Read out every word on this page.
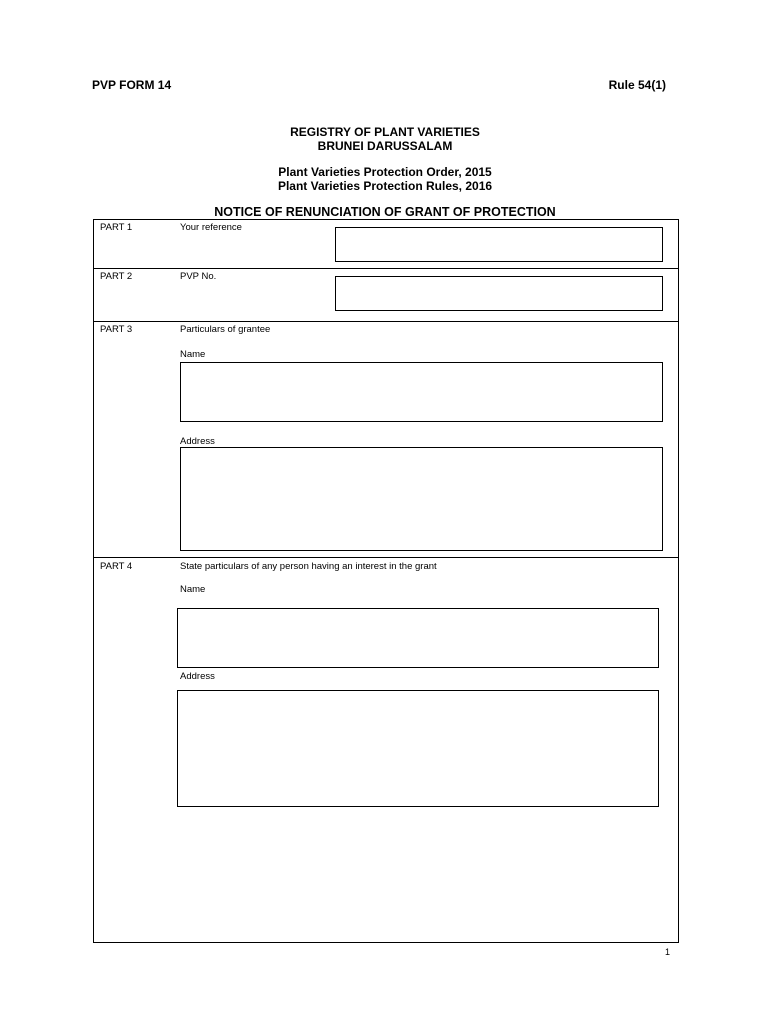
PVP FORM 14	Rule 54(1)
REGISTRY OF PLANT VARIETIES
BRUNEI DARUSSALAM
Plant Varieties Protection Order, 2015
Plant Varieties Protection Rules, 2016
NOTICE OF RENUNCIATION OF GRANT OF PROTECTION
PART 1	Your reference
PART 2	PVP No.
PART 3	Particulars of grantee
Name
Address
PART 4	State particulars of any person having an interest in the grant
Name
Address
1
